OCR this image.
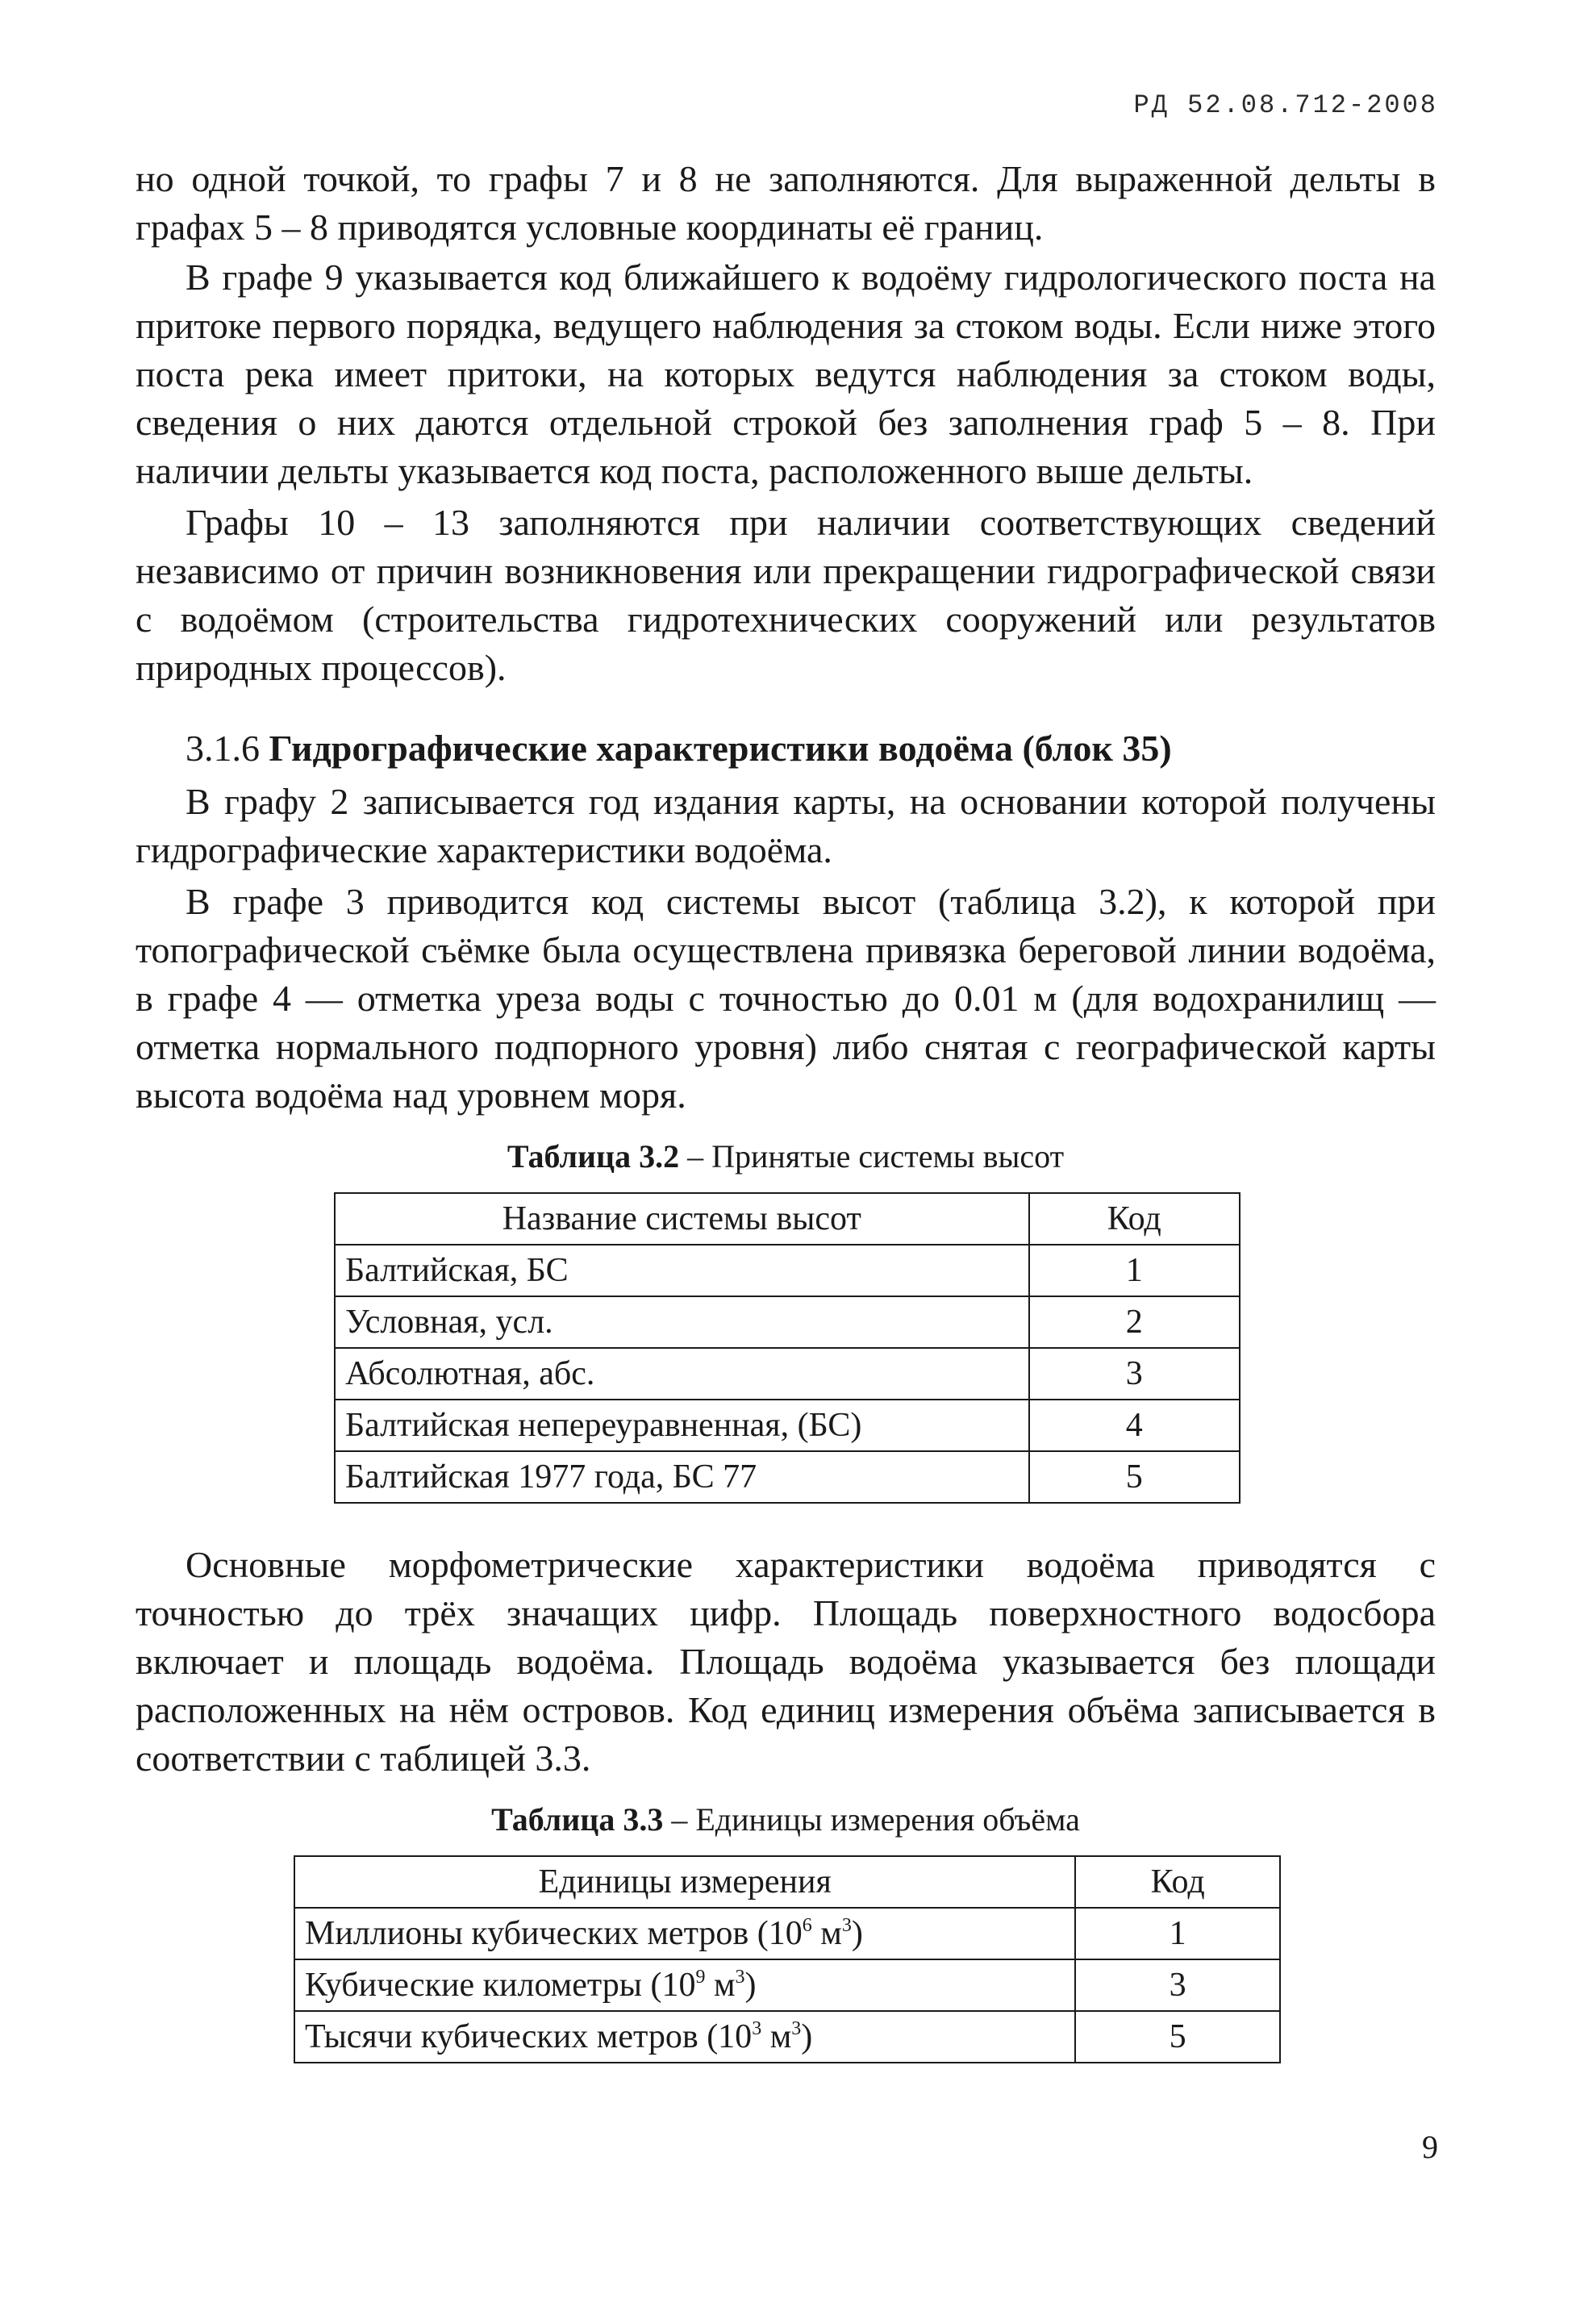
РД 52.08.712-2008

но одной точкой, то графы 7 и 8 не заполняются. Для выраженной дельты в графах 5 – 8 приводятся условные координаты её границ.

В графе 9 указывается код ближайшего к водоёму гидрологического поста на притоке первого порядка, ведущего наблюдения за стоком воды. Если ниже этого поста река имеет притоки, на которых ведутся наблюдения за стоком воды, сведения о них даются отдельной строкой без заполнения граф 5 – 8. При наличии дельты указывается код поста, расположенного выше дельты.

Графы 10 – 13 заполняются при наличии соответствующих сведений независимо от причин возникновения или прекращении гидрографической связи с водоёмом (строительства гидротехнических сооружений или результатов природных процессов).

3.1.6 Гидрографические характеристики водоёма (блок 35)

В графу 2 записывается год издания карты, на основании которой получены гидрографические характеристики водоёма.

В графе 3 приводится код системы высот (таблица 3.2), к которой при топографической съёмке была осуществлена привязка береговой линии водоёма, в графе 4 — отметка уреза воды с точностью до 0.01 м (для водохранилищ — отметка нормального подпорного уровня) либо снятая с географической карты высота водоёма над уровнем моря.

Таблица 3.2 – Принятые системы высот
Название системы высот	Код
Балтийская, БС	1
Условная, усл.	2
Абсолютная, абс.	3
Балтийская непереуравненная, (БС)	4
Балтийская 1977 года, БС 77	5

Основные морфометрические характеристики водоёма приводятся с точностью до трёх значащих цифр. Площадь поверхностного водосбора включает и площадь водоёма. Площадь водоёма указывается без площади расположенных на нём островов. Код единиц измерения объёма записывается в соответствии с таблицей 3.3.

Таблица 3.3 – Единицы измерения объёма
Единицы измерения	Код
Миллионы кубических метров ($10^6$ $м^3$)	1
Кубические километры ($10^9$ $м^3$)	3
Тысячи кубических метров ($10^3$ $м^3$)	5
9
